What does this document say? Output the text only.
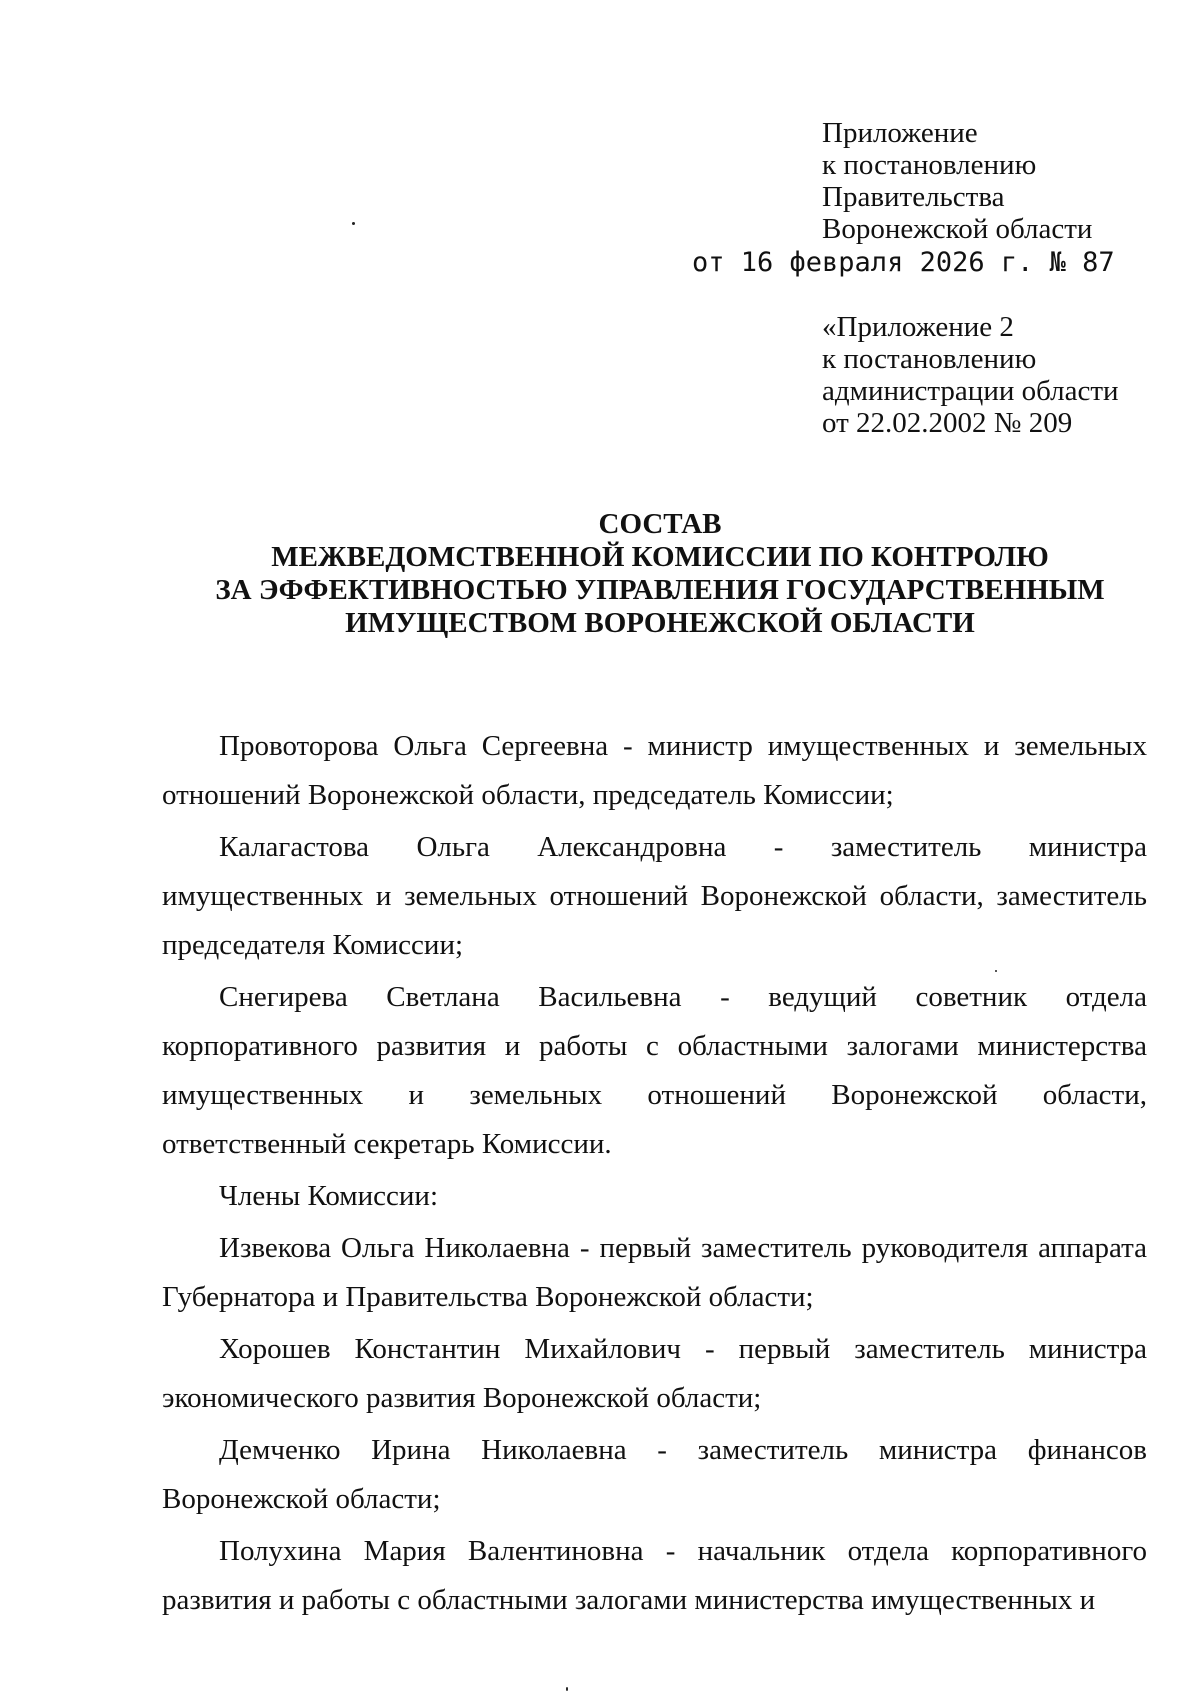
Приложение
к постановлению
Правительства
Воронежской области
от 16 февраля 2026 г. № 87
«Приложение 2
к постановлению
администрации области
от 22.02.2002 № 209
СОСТАВ
МЕЖВЕДОМСТВЕННОЙ КОМИССИИ ПО КОНТРОЛЮ
ЗА ЭФФЕКТИВНОСТЬЮ УПРАВЛЕНИЯ ГОСУДАРСТВЕННЫМ
ИМУЩЕСТВОМ ВОРОНЕЖСКОЙ ОБЛАСТИ

Провоторова Ольга Сергеевна - министр имущественных и земельных отношений Воронежской области, председатель Комиссии;

Калагастова Ольга Александровна - заместитель министра имущественных и земельных отношений Воронежской области, заместитель председателя Комиссии;

Снегирева Светлана Васильевна - ведущий советник отдела корпоративного развития и работы с областными залогами министерства имущественных и земельных отношений Воронежской области, ответственный секретарь Комиссии.

Члены Комиссии:

Извекова Ольга Николаевна - первый заместитель руководителя аппарата Губернатора и Правительства Воронежской области;

Хорошев Константин Михайлович - первый заместитель министра экономического развития Воронежской области;

Демченко Ирина Николаевна - заместитель министра финансов Воронежской области;

Полухина Мария Валентиновна - начальник отдела корпоративного развития и работы с областными залогами министерства имущественных и
